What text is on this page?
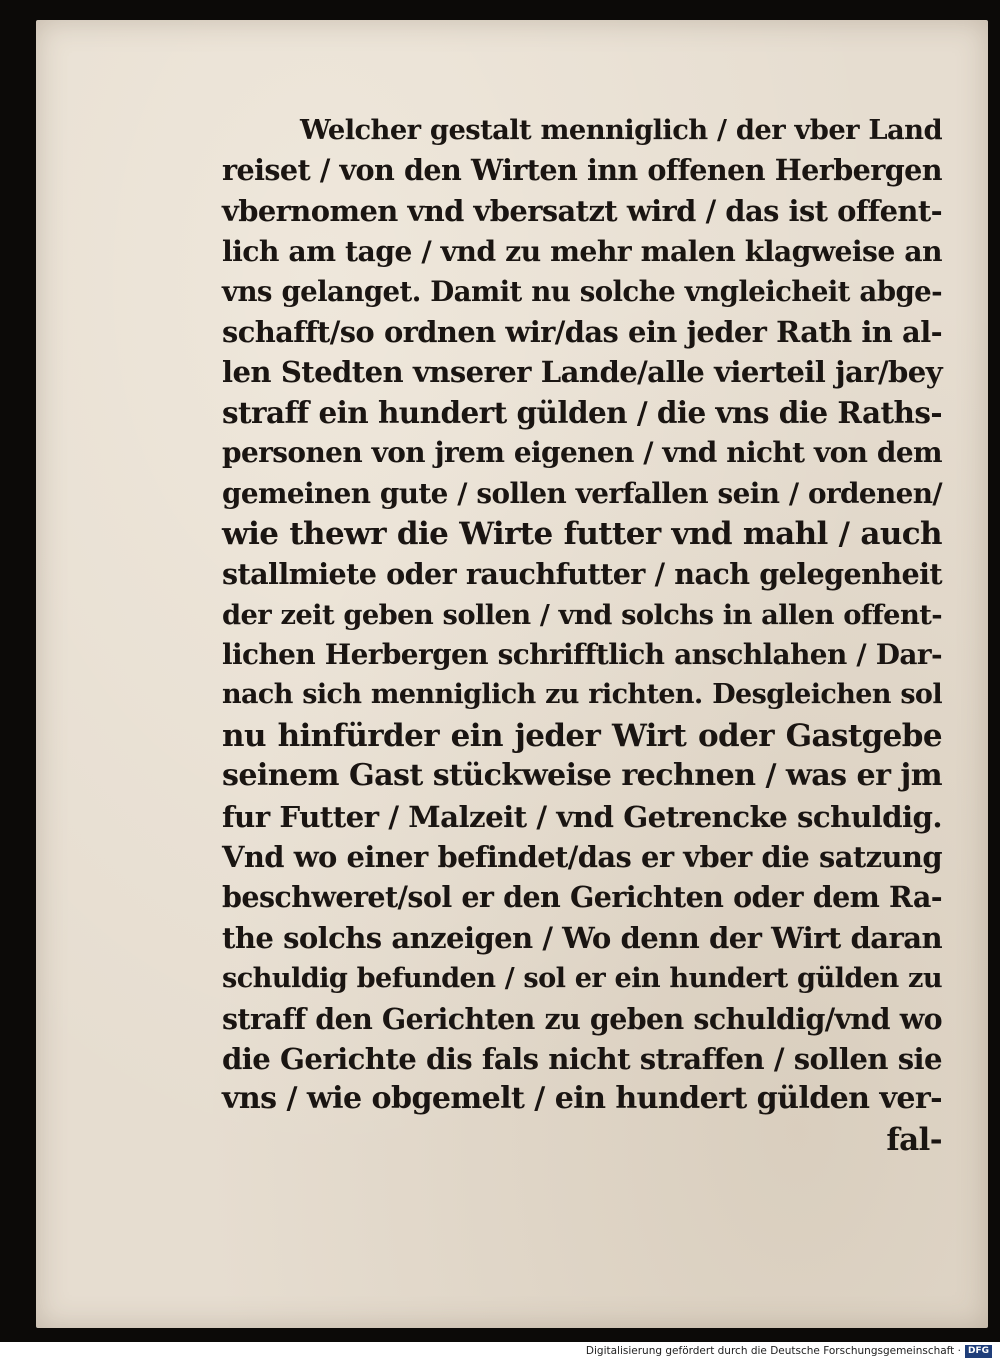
Welcher gestalt menniglich / der vber Land
reiset / von den Wirten inn offenen Herbergen
vbernomen vnd vbersatzt wird / das ist offent-
lich am tage / vnd zu mehr malen klagweise an
vns gelanget. Damit nu solche vngleicheit abge-
schafft/so ordnen wir/das ein jeder Rath in al-
len Stedten vnserer Lande/alle vierteil jar/bey
straff ein hundert gülden / die vns die Raths-
personen von jrem eigenen / vnd nicht von dem
gemeinen gute / sollen verfallen sein / ordenen/
wie thewr die Wirte futter vnd mahl / auch
stallmiete oder rauchfutter / nach gelegenheit
der zeit geben sollen / vnd solchs in allen offent-
lichen Herbergen schrifftlich anschlahen / Dar-
nach sich menniglich zu richten. Desgleichen sol
nu hinfürder ein jeder Wirt oder Gastgebe
seinem Gast stückweise rechnen / was er jm
fur Futter / Malzeit / vnd Getrencke schuldig.
Vnd wo einer befindet/das er vber die satzung
beschweret/sol er den Gerichten oder dem Ra-
the solchs anzeigen / Wo denn der Wirt daran
schuldig befunden / sol er ein hundert gülden zu
straff den Gerichten zu geben schuldig/vnd wo
die Gerichte dis fals nicht straffen / sollen sie
vns / wie obgemelt / ein hundert gülden ver-
fal-
Digitalisierung gefördert durch die Deutsche Forschungsgemeinschaft · DFG
